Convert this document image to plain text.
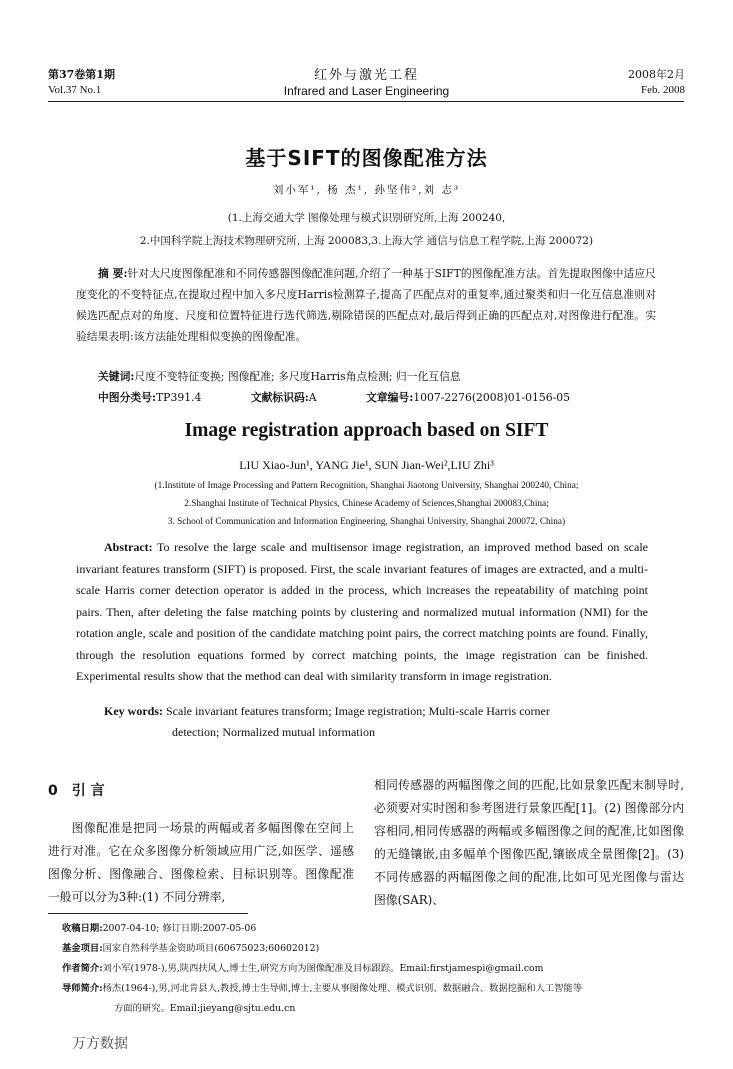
第37卷第1期
Vol.37 No.1
红外与激光工程
Infrared and Laser Engineering
2008年2月
Feb. 2008
基于SIFT的图像配准方法
刘小军¹, 杨 杰¹, 孙坚伟²,刘 志³
(1.上海交通大学 图像处理与模式识别研究所,上海 200240,
2.中国科学院上海技术物理研究所, 上海 200083,3.上海大学 通信与信息工程学院,上海 200072)
摘 要:针对大尺度图像配准和不同传感器图像配准问题,介绍了一种基于SIFT的图像配准方法。首先提取图像中适应尺度变化的不变特征点,在提取过程中加入多尺度Harris检测算子,提高了匹配点对的重复率,通过聚类和归一化互信息准则对候选匹配点对的角度、尺度和位置特征进行选代筛选,剔除错误的匹配点对,最后得到正确的匹配点对,对图像进行配准。实验结果表明:该方法能处理相似变换的图像配准。
关键词:尺度不变特征变换; 图像配准; 多尺度Harris角点检测; 归一化互信息
中图分类号:TP391.4	文献标识码:A	文章编号:1007-2276(2008)01-0156-05
Image registration approach based on SIFT
LIU Xiao-Jun¹, YANG Jie¹, SUN Jian-Wei²,LIU Zhi³
(1.Institute of Image Processing and Pattern Recognition, Shanghai Jiaotong University, Shanghai 200240, China;
2.Shanghai Institute of Technical Physics, Chinese Academy of Sciences,Shanghai 200083,China;
3. School of Communication and Information Engineering, Shanghai University, Shanghai 200072, China)
Abstract: To resolve the large scale and multisensor image registration, an improved method based on scale invariant features transform (SIFT) is proposed. First, the scale invariant features of images are extracted, and a multi-scale Harris corner detection operator is added in the process, which increases the repeatability of matching point pairs. Then, after deleting the false matching points by clustering and normalized mutual information (NMI) for the rotation angle, scale and position of the candidate matching point pairs, the correct matching points are found. Finally, through the resolution equations formed by correct matching points, the image registration can be finished. Experimental results show that the method can deal with similarity transform in image registration.
Key words: Scale invariant features transform; Image registration; Multi-scale Harris corner
detection; Normalized mutual information
0 引 言
图像配准是把同一场景的两幅或者多幅图像在空间上进行对准。它在众多图像分析领域应用广泛,如医学、遥感图像分析、图像融合、图像检索、目标识别等。图像配准一般可以分为3种:(1) 不同分辨率,
相同传感器的两幅图像之间的匹配,比如景象匹配末制导时,必须要对实时图和参考图进行景象匹配[1]。(2) 图像部分内容相同,相同传感器的两幅或多幅图像之间的配准,比如图像的无缝镶嵌,由多幅单个图像匹配,镶嵌成全景图像[2]。(3) 不同传感器的两幅图像之间的配准,比如可见光图像与雷达图像(SAR)、
收稿日期:2007-04-10; 修订日期:2007-05-06
基金项目:国家自然科学基金资助项目(60675023;60602012)
作者简介:刘小军(1978-),男,陕西扶风人,博士生,研究方向为图像配准及目标跟踪。Email:firstjamespi@gmail.com
导师简介:杨杰(1964-),男,河北肯县人,教授,博士生导师,博士,主要从事图像处理、模式识别、数据融合、数据挖掘和人工智能等
方面的研究。Email:jieyang@sjtu.edu.cn
万方数据
